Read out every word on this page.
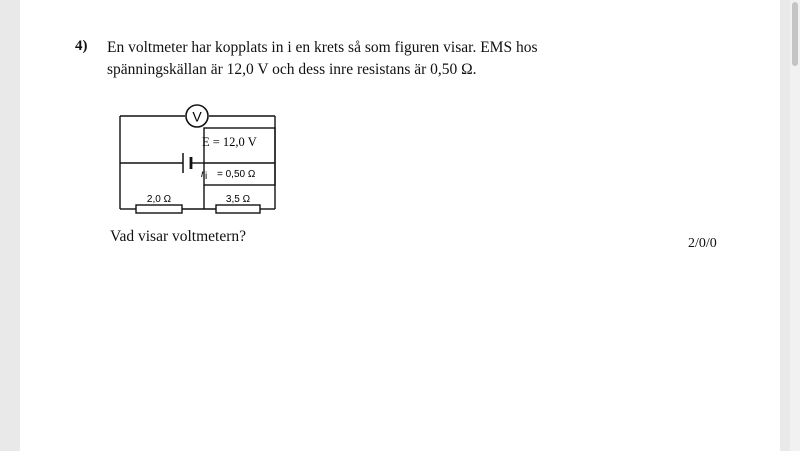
4) En voltmeter har kopplats in i en krets så som figuren visar. EMS hos
spänningskällan är 12,0 V och dess inre resistans är 0,50 Ω.

V
E = 12,0 V
r i = 0,50 Ω
2,0 Ω	3,5 Ω
Vad visar voltmetern?	2/0/0
